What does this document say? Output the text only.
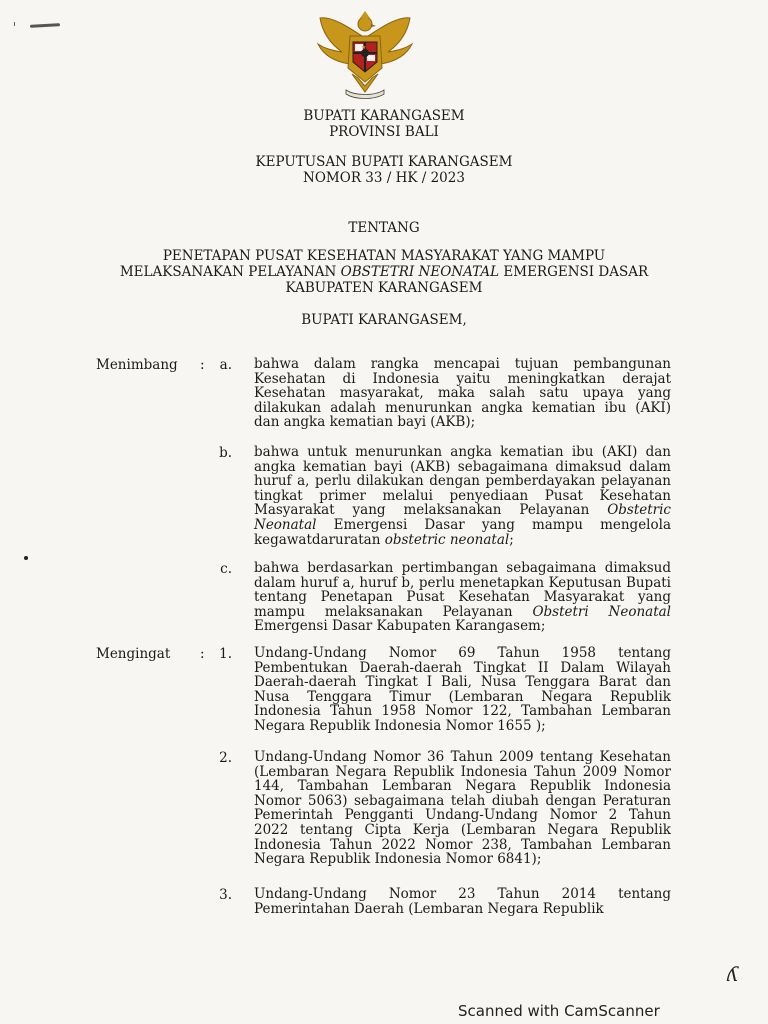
★
BUPATI KARANGASEM
PROVINSI BALI
KEPUTUSAN BUPATI KARANGASEM
NOMOR 33 / HK / 2023
TENTANG
PENETAPAN PUSAT KESEHATAN MASYARAKAT YANG MAMPU
MELAKSANAKAN PELAYANAN OBSTETRI NEONATAL EMERGENSI DASAR
KABUPATEN KARANGASEM
BUPATI KARANGASEM,
Menimbang :	a. bahwa dalam rangka mencapai tujuan pembangunan Kesehatan di Indonesia yaitu meningkatkan derajat Kesehatan masyarakat, maka salah satu upaya yang dilakukan adalah menurunkan angka kematian ibu (AKI) dan angka kematian bayi (AKB);
b. bahwa untuk menurunkan angka kematian ibu (AKI) dan angka kematian bayi (AKB) sebagaimana dimaksud dalam huruf a, perlu dilakukan dengan pemberdayakan pelayanan tingkat primer melalui penyediaan Pusat Kesehatan Masyarakat yang melaksanakan Pelayanan Obstetric Neonatal Emergensi Dasar yang mampu mengelola kegawatdaruratan obstetric neonatal;
c. bahwa berdasarkan pertimbangan sebagaimana dimaksud dalam huruf a, huruf b, perlu menetapkan Keputusan Bupati tentang Penetapan Pusat Kesehatan Masyarakat yang mampu melaksanakan Pelayanan Obstetri Neonatal Emergensi Dasar Kabupaten Karangasem;
Mengingat :	1. Undang-Undang Nomor 69 Tahun 1958 tentang Pembentukan Daerah-daerah Tingkat II Dalam Wilayah Daerah-daerah Tingkat I Bali, Nusa Tenggara Barat dan Nusa Tenggara Timur (Lembaran Negara Republik Indonesia Tahun 1958 Nomor 122, Tambahan Lembaran Negara Republik Indonesia Nomor 1655 );
2. Undang-Undang Nomor 36 Tahun 2009 tentang Kesehatan (Lembaran Negara Republik Indonesia Tahun 2009 Nomor 144, Tambahan Lembaran Negara Republik Indonesia Nomor 5063) sebagaimana telah diubah dengan Peraturan Pemerintah Pengganti Undang-Undang Nomor 2 Tahun 2022 tentang Cipta Kerja (Lembaran Negara Republik Indonesia Tahun 2022 Nomor 238, Tambahan Lembaran Negara Republik Indonesia Nomor 6841);
3. Undang-Undang Nomor 23 Tahun 2014 tentang Pemerintahan Daerah (Lembaran Negara Republik
ʎ
Scanned with CamScanner
